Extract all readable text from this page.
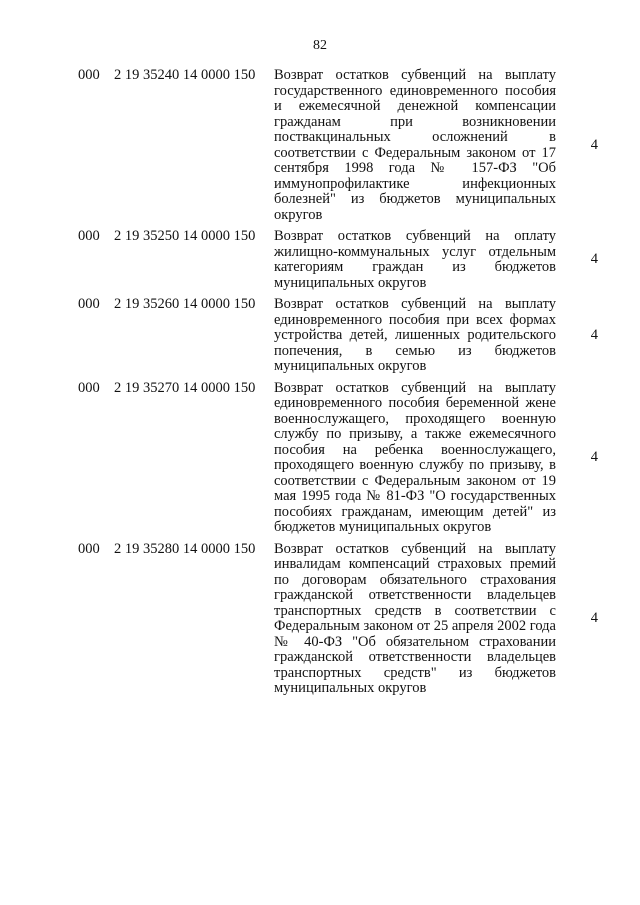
82
000 2 19 35240 14 0000 150	Возврат остатков субвенций на выплату государственного единовременного пособия и ежемесячной денежной компенсации гражданам при возникновении поствакцинальных осложнений в соответствии с Федеральным законом от 17 сентября 1998 года № 157-ФЗ "Об иммунопрофилактике инфекционных болезней" из бюджетов муниципальных округов
4
000 2 19 35250 14 0000 150	Возврат остатков субвенций на оплату жилищно-коммунальных услуг отдельным категориям граждан из бюджетов муниципальных округов
4
000 2 19 35260 14 0000 150	Возврат остатков субвенций на выплату единовременного пособия при всех формах устройства детей, лишенных родительского попечения, в семью из бюджетов муниципальных округов
4
000 2 19 35270 14 0000 150	Возврат остатков субвенций на выплату единовременного пособия беременной жене военнослужащего, проходящего военную службу по призыву, а также ежемесячного пособия на ребенка военнослужащего, проходящего военную службу по призыву, в соответствии с Федеральным законом от 19 мая 1995 года № 81-ФЗ "О государственных пособиях гражданам, имеющим детей" из бюджетов муниципальных округов
4
000 2 19 35280 14 0000 150	Возврат остатков субвенций на выплату инвалидам компенсаций страховых премий по договорам обязательного страхования гражданской ответственности владельцев транспортных средств в соответствии с Федеральным законом от 25 апреля 2002 года № 40-ФЗ "Об обязательном страховании гражданской ответственности владельцев транспортных средств" из бюджетов муниципальных округов
4
